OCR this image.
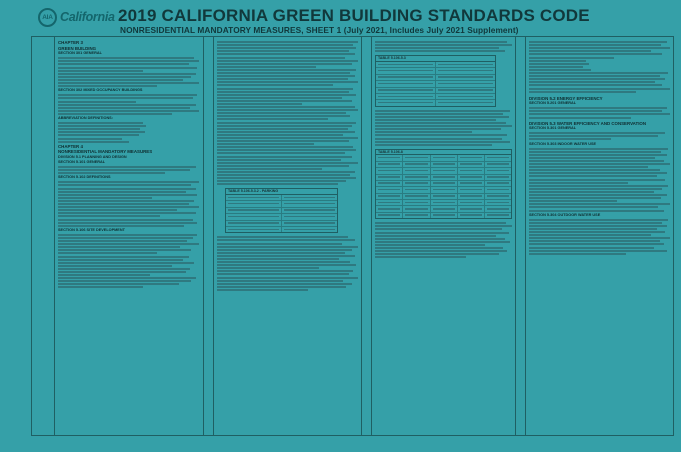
AIA California 2019 CALIFORNIA GREEN BUILDING STANDARDS CODE
NONRESIDENTIAL MANDATORY MEASURES, SHEET 1 (July 2021, Includes July 2021 Supplement)
CHAPTER 3
GREEN BUILDING
SECTION 301 GENERAL
SECTION 302 MIXED OCCUPANCY BUILDINGS
ABBREVIATION DEFINITIONS:
CHAPTER 4
NONRESIDENTIAL MANDATORY MEASURES
DIVISION 5.1 PLANNING AND DESIGN
SECTION 5.101 GENERAL
SECTION 5.102 DEFINITIONS
SECTION 5.106 SITE DEVELOPMENT
TABLE 5.106.5.3.2 - PARKING
TABLE 5.106.5.3
TABLE 5.106.8
DIVISION 5.2 ENERGY EFFICIENCY
SECTION 5.201 GENERAL
DIVISION 5.3 WATER EFFICIENCY AND CONSERVATION
SECTION 5.301 GENERAL
SECTION 5.303 INDOOR WATER USE
SECTION 5.304 OUTDOOR WATER USE
